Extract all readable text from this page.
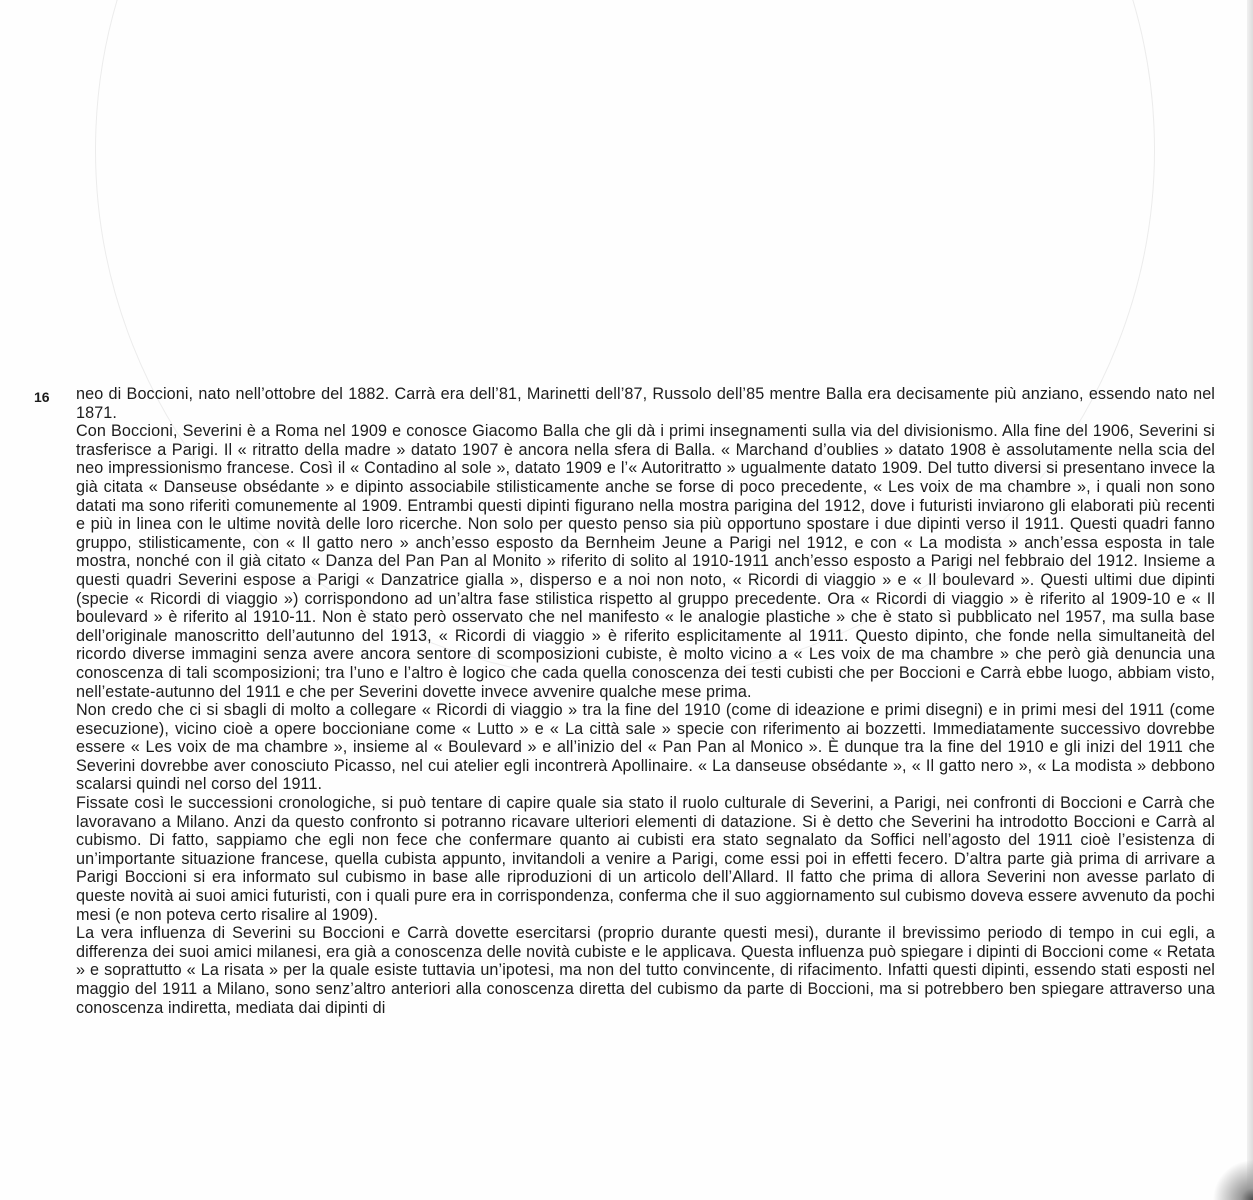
16 neo di Boccioni, nato nell’ottobre del 1882. Carrà era dell’81, Marinetti dell’87, Russolo dell’85 mentre Balla era decisamente più anziano, essendo nato nel 1871.

Con Boccioni, Severini è a Roma nel 1909 e conosce Giacomo Balla che gli dà i primi insegnamenti sulla via del divisionismo. Alla fine del 1906, Severini si trasferisce a Parigi. Il « ritratto della madre » datato 1907 è ancora nella sfera di Balla. « Marchand d’oublies » datato 1908 è assolutamente nella scia del neo impressionismo francese. Così il « Contadino al sole », datato 1909 e l’« Autoritratto » ugualmente datato 1909. Del tutto diversi si presentano invece la già citata « Danseuse obsédante » e dipinto associabile stilisticamente anche se forse di poco precedente, « Les voix de ma chambre », i quali non sono datati ma sono riferiti comunemente al 1909. Entrambi questi dipinti figurano nella mostra parigina del 1912, dove i futuristi inviarono gli elaborati più recenti e più in linea con le ultime novità delle loro ricerche. Non solo per questo penso sia più opportuno spostare i due dipinti verso il 1911. Questi quadri fanno gruppo, stilisticamente, con « Il gatto nero » anch’esso esposto da Bernheim Jeune a Parigi nel 1912, e con « La modista » anch’essa esposta in tale mostra, nonché con il già citato « Danza del Pan Pan al Monito » riferito di solito al 1910-1911 anch’esso esposto a Parigi nel febbraio del 1912. Insieme a questi quadri Severini espose a Parigi « Danzatrice gialla », disperso e a noi non noto, « Ricordi di viaggio » e « Il boulevard ». Questi ultimi due dipinti (specie « Ricordi di viaggio ») corrispondono ad un’altra fase stilistica rispetto al gruppo precedente. Ora « Ricordi di viaggio » è riferito al 1909-10 e « Il boulevard » è riferito al 1910-11. Non è stato però osservato che nel manifesto « le analogie plastiche » che è stato sì pubblicato nel 1957, ma sulla base dell’originale manoscritto dell’autunno del 1913, « Ricordi di viaggio » è riferito esplicitamente al 1911. Questo dipinto, che fonde nella simultaneità del ricordo diverse immagini senza avere ancora sentore di scomposizioni cubiste, è molto vicino a « Les voix de ma chambre » che però già denuncia una conoscenza di tali scomposizioni; tra l’uno e l’altro è logico che cada quella conoscenza dei testi cubisti che per Boccioni e Carrà ebbe luogo, abbiam visto, nell’estate-autunno del 1911 e che per Severini dovette invece avvenire qualche mese prima.

Non credo che ci si sbagli di molto a collegare « Ricordi di viaggio » tra la fine del 1910 (come di ideazione e primi disegni) e in primi mesi del 1911 (come esecuzione), vicino cioè a opere boccioniane come « Lutto » e « La città sale » specie con riferimento ai bozzetti. Immediatamente successivo dovrebbe essere « Les voix de ma chambre », insieme al « Boulevard » e all’inizio del « Pan Pan al Monico ». È dunque tra la fine del 1910 e gli inizi del 1911 che Severini dovrebbe aver conosciuto Picasso, nel cui atelier egli incontrerà Apollinaire. « La danseuse obsédante », « Il gatto nero », « La modista » debbono scalarsi quindi nel corso del 1911.

Fissate così le successioni cronologiche, si può tentare di capire quale sia stato il ruolo culturale di Severini, a Parigi, nei confronti di Boccioni e Carrà che lavoravano a Milano. Anzi da questo confronto si potranno ricavare ulteriori elementi di datazione. Si è detto che Severini ha introdotto Boccioni e Carrà al cubismo. Di fatto, sappiamo che egli non fece che confermare quanto ai cubisti era stato segnalato da Soffici nell’agosto del 1911 cioè l’esistenza di un’importante situazione francese, quella cubista appunto, invitandoli a venire a Parigi, come essi poi in effetti fecero. D’altra parte già prima di arrivare a Parigi Boccioni si era informato sul cubismo in base alle riproduzioni di un articolo dell’Allard. Il fatto che prima di allora Severini non avesse parlato di queste novità ai suoi amici futuristi, con i quali pure era in corrispondenza, conferma che il suo aggiornamento sul cubismo doveva essere avvenuto da pochi mesi (e non poteva certo risalire al 1909).

La vera influenza di Severini su Boccioni e Carrà dovette esercitarsi (proprio durante questi mesi), durante il brevissimo periodo di tempo in cui egli, a differenza dei suoi amici milanesi, era già a conoscenza delle novità cubiste e le applicava. Questa influenza può spiegare i dipinti di Boccioni come « Retata » e soprattutto « La risata » per la quale esiste tuttavia un’ipotesi, ma non del tutto convincente, di rifacimento. Infatti questi dipinti, essendo stati esposti nel maggio del 1911 a Milano, sono senz’altro anteriori alla conoscenza diretta del cubismo da parte di Boccioni, ma si potrebbero ben spiegare attraverso una conoscenza indiretta, mediata dai dipinti di
